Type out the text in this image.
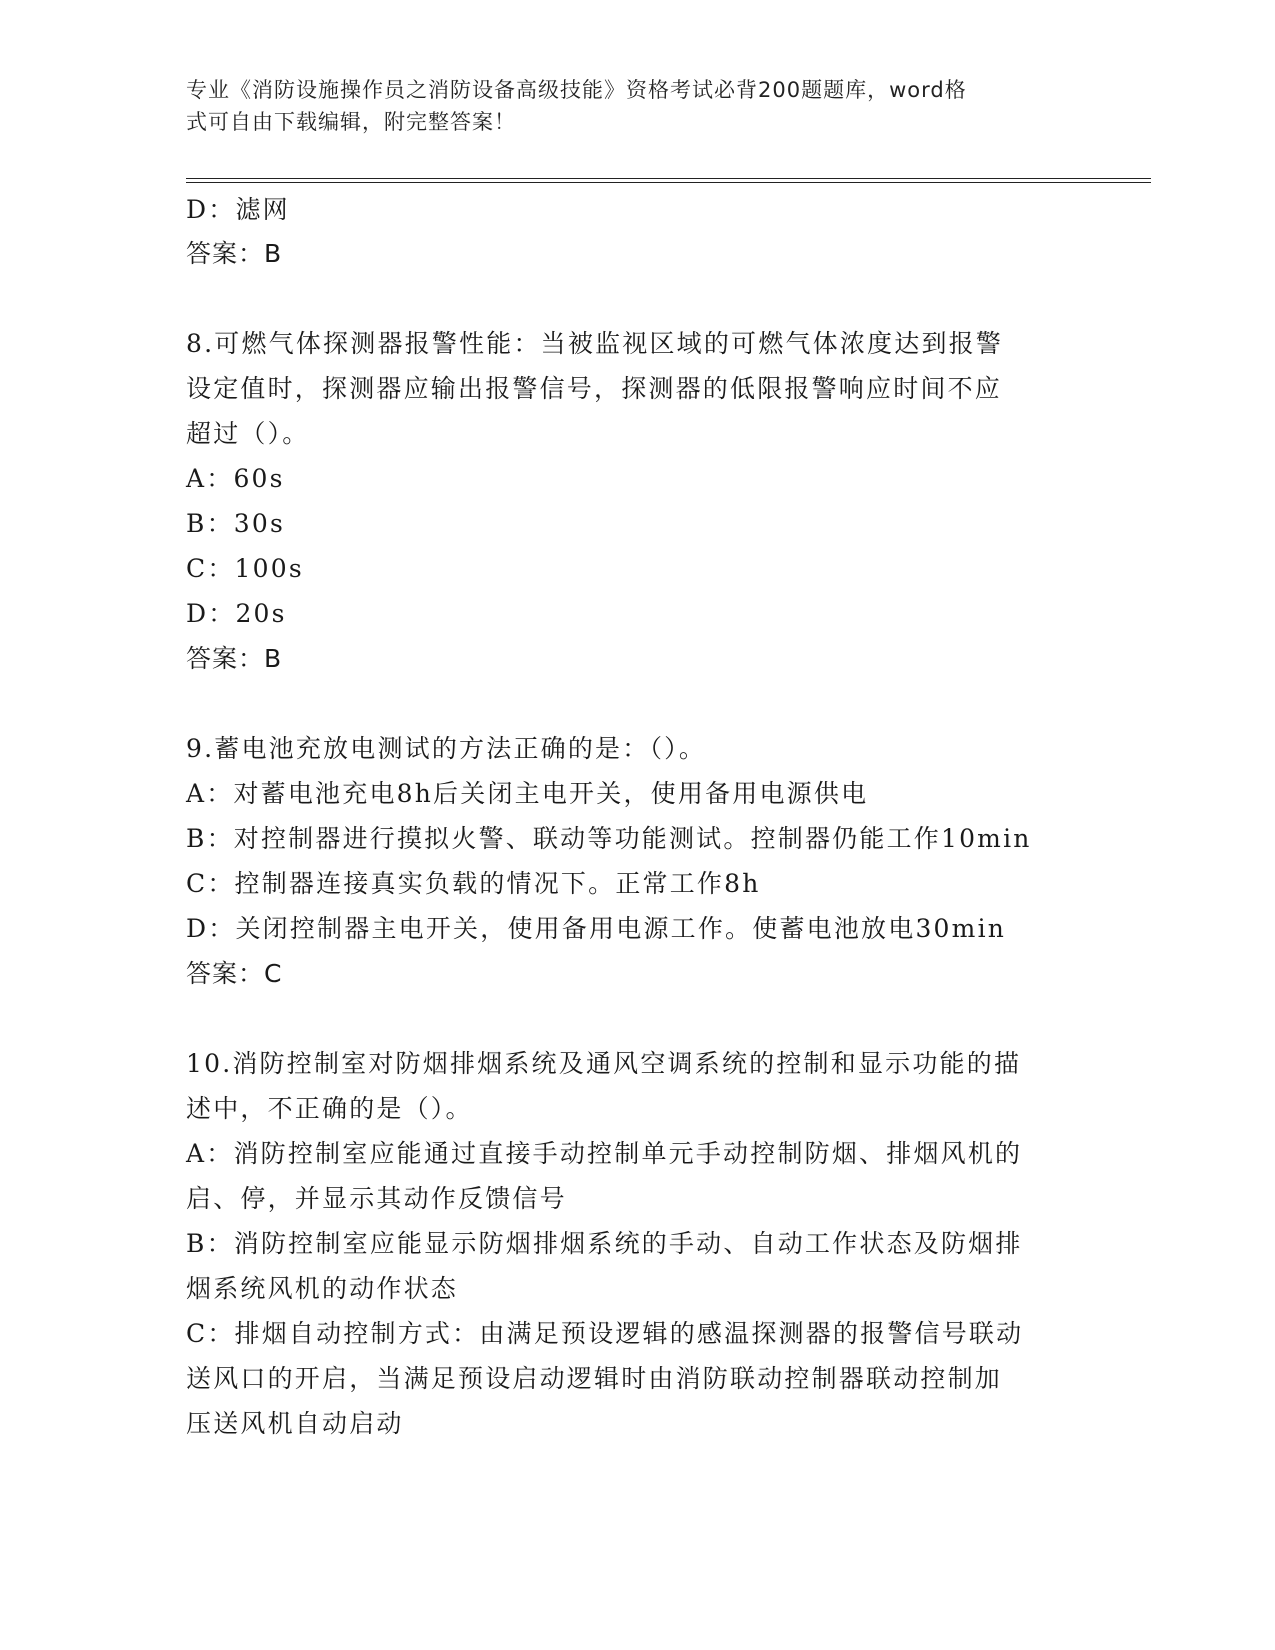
专业《消防设施操作员之消防设备高级技能》资格考试必背200题题库，word格
式可自由下载编辑，附完整答案！
D：滤网
答案：B
8.可燃气体探测器报警性能：当被监视区域的可燃气体浓度达到报警
设定值时，探测器应输出报警信号，探测器的低限报警响应时间不应
超过（）。
A：60s
B：30s
C：100s
D：20s
答案：B
9.蓄电池充放电测试的方法正确的是：（）。
A：对蓄电池充电8h后关闭主电开关，使用备用电源供电
B：对控制器进行摸拟火警、联动等功能测试。控制器仍能工作10min
C：控制器连接真实负载的情况下。正常工作8h
D：关闭控制器主电开关，使用备用电源工作。使蓄电池放电30min
答案：C
10.消防控制室对防烟排烟系统及通风空调系统的控制和显示功能的描
述中，不正确的是（）。
A：消防控制室应能通过直接手动控制单元手动控制防烟、排烟风机的
启、停，并显示其动作反馈信号
B：消防控制室应能显示防烟排烟系统的手动、自动工作状态及防烟排
烟系统风机的动作状态
C：排烟自动控制方式：由满足预设逻辑的感温探测器的报警信号联动
送风口的开启，当满足预设启动逻辑时由消防联动控制器联动控制加
压送风机自动启动
